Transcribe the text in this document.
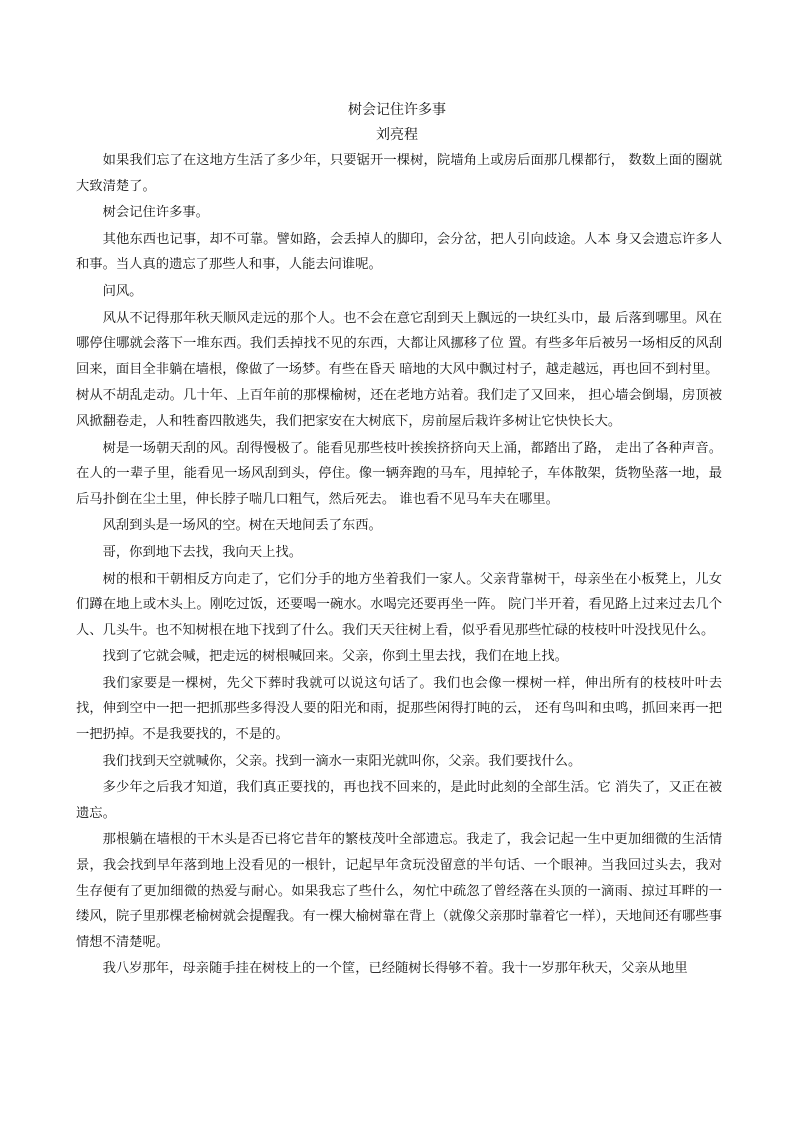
树会记住许多事
刘亮程

如果我们忘了在这地方生活了多少年，只要锯开一棵树，院墙角上或房后面那几棵都行， 数数上面的圈就大致清楚了。

树会记住许多事。

其他东西也记事，却不可靠。譬如路，会丢掉人的脚印，会分岔，把人引向歧途。人本 身又会遗忘许多人和事。当人真的遗忘了那些人和事，人能去问谁呢。

问风。

风从不记得那年秋天顺风走远的那个人。也不会在意它刮到天上飘远的一块红头巾，最 后落到哪里。风在哪停住哪就会落下一堆东西。我们丢掉找不见的东西，大都让风挪移了位 置。有些多年后被另一场相反的风刮回来，面目全非躺在墙根，像做了一场梦。有些在昏天 暗地的大风中飘过村子，越走越远，再也回不到村里。

树从不胡乱走动。几十年、上百年前的那棵榆树，还在老地方站着。我们走了又回来， 担心墙会倒塌，房顶被风掀翻卷走，人和牲畜四散逃失，我们把家安在大树底下，房前屋后栽许多树让它快快长大。

树是一场朝天刮的风。刮得慢极了。能看见那些枝叶挨挨挤挤向天上涌，都踏出了路， 走出了各种声音。在人的一辈子里，能看见一场风刮到头，停住。像一辆奔跑的马车，甩掉轮子，车体散架，货物坠落一地，最后马扑倒在尘土里，伸长脖子喘几口粗气，然后死去。 谁也看不见马车夫在哪里。

风刮到头是一场风的空。树在天地间丢了东西。

哥，你到地下去找，我向天上找。

树的根和干朝相反方向走了，它们分手的地方坐着我们一家人。父亲背靠树干，母亲坐在小板凳上，儿女们蹲在地上或木头上。刚吃过饭，还要喝一碗水。水喝完还要再坐一阵。 院门半开着，看见路上过来过去几个人、几头牛。也不知树根在地下找到了什么。我们天天往树上看，似乎看见那些忙碌的枝枝叶叶没找见什么。

找到了它就会喊，把走远的树根喊回来。父亲，你到土里去找，我们在地上找。

我们家要是一棵树，先父下葬时我就可以说这句话了。我们也会像一棵树一样，伸出所有的枝枝叶叶去找，伸到空中一把一把抓那些多得没人要的阳光和雨，捉那些闲得打盹的云， 还有鸟叫和虫鸣，抓回来再一把一把扔掉。不是我要找的，不是的。

我们找到天空就喊你，父亲。找到一滴水一束阳光就叫你，父亲。我们要找什么。

多少年之后我才知道，我们真正要找的，再也找不回来的，是此时此刻的全部生活。它 消失了，又正在被遗忘。

那根躺在墙根的干木头是否已将它昔年的繁枝茂叶全部遗忘。我走了，我会记起一生中更加细微的生活情景，我会找到早年落到地上没看见的一根针，记起早年贪玩没留意的半句话、一个眼神。当我回过头去，我对生存便有了更加细微的热爱与耐心。如果我忘了些什么，匆忙中疏忽了曾经落在头顶的一滴雨、掠过耳畔的一缕风，院子里那棵老榆树就会提醒我。有一棵大榆树靠在背上（就像父亲那时靠着它一样），天地间还有哪些事情想不清楚呢。

我八岁那年，母亲随手挂在树枝上的一个筐，已经随树长得够不着。我十一岁那年秋天，父亲从地里
